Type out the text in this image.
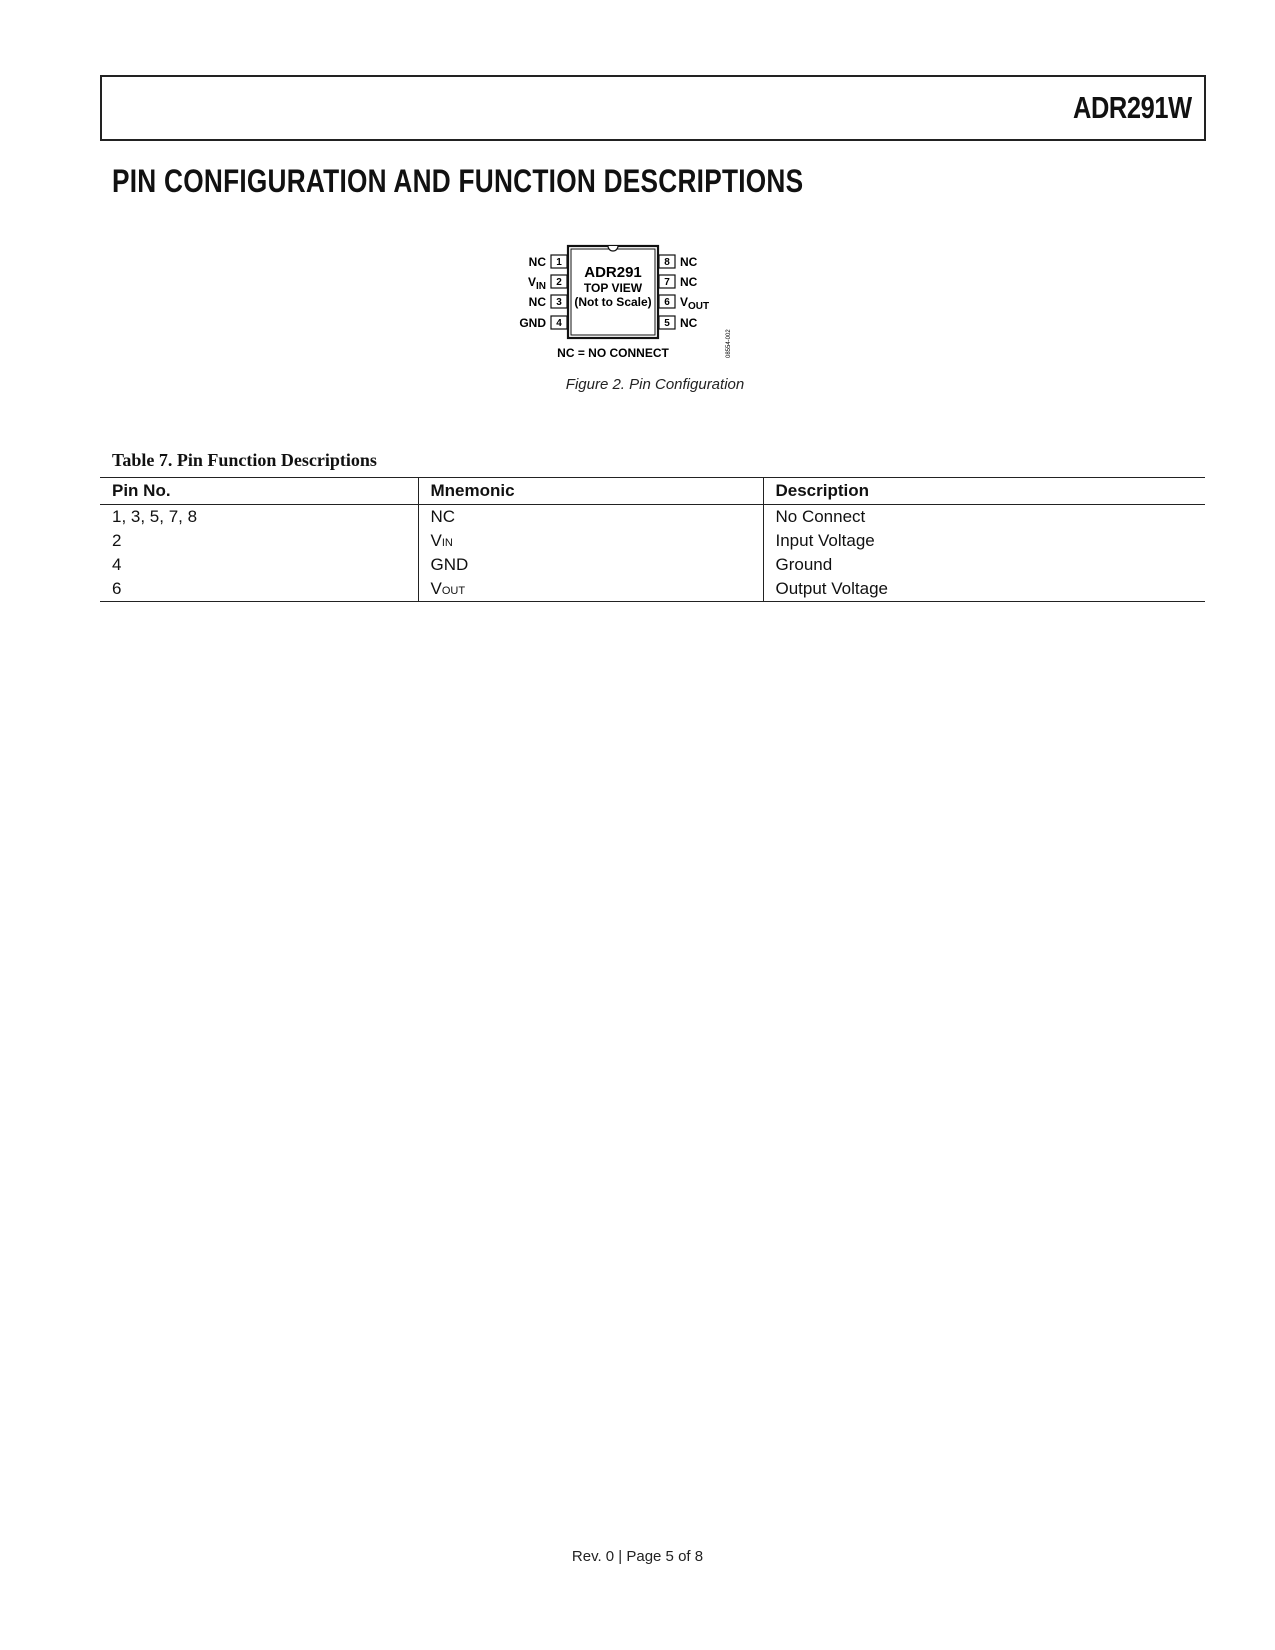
ADR291W
PIN CONFIGURATION AND FUNCTION DESCRIPTIONS
ADR291
TOP VIEW
(Not to Scale)
1
NC
2
$V_{IN}$
3
NC
4
GND
8 NC
7 NC
6 $V_{OUT}$
5 NC
NC = NO CONNECT	08554-002
Figure 2. Pin Configuration
Table 7. Pin Function Descriptions
Pin No.	Mnemonic	Description
1, 3, 5, 7, 8	NC	No Connect
2	VIN	Input Voltage
4	GND	Ground
6	VOUT	Output Voltage
Rev. 0 | Page 5 of 8
